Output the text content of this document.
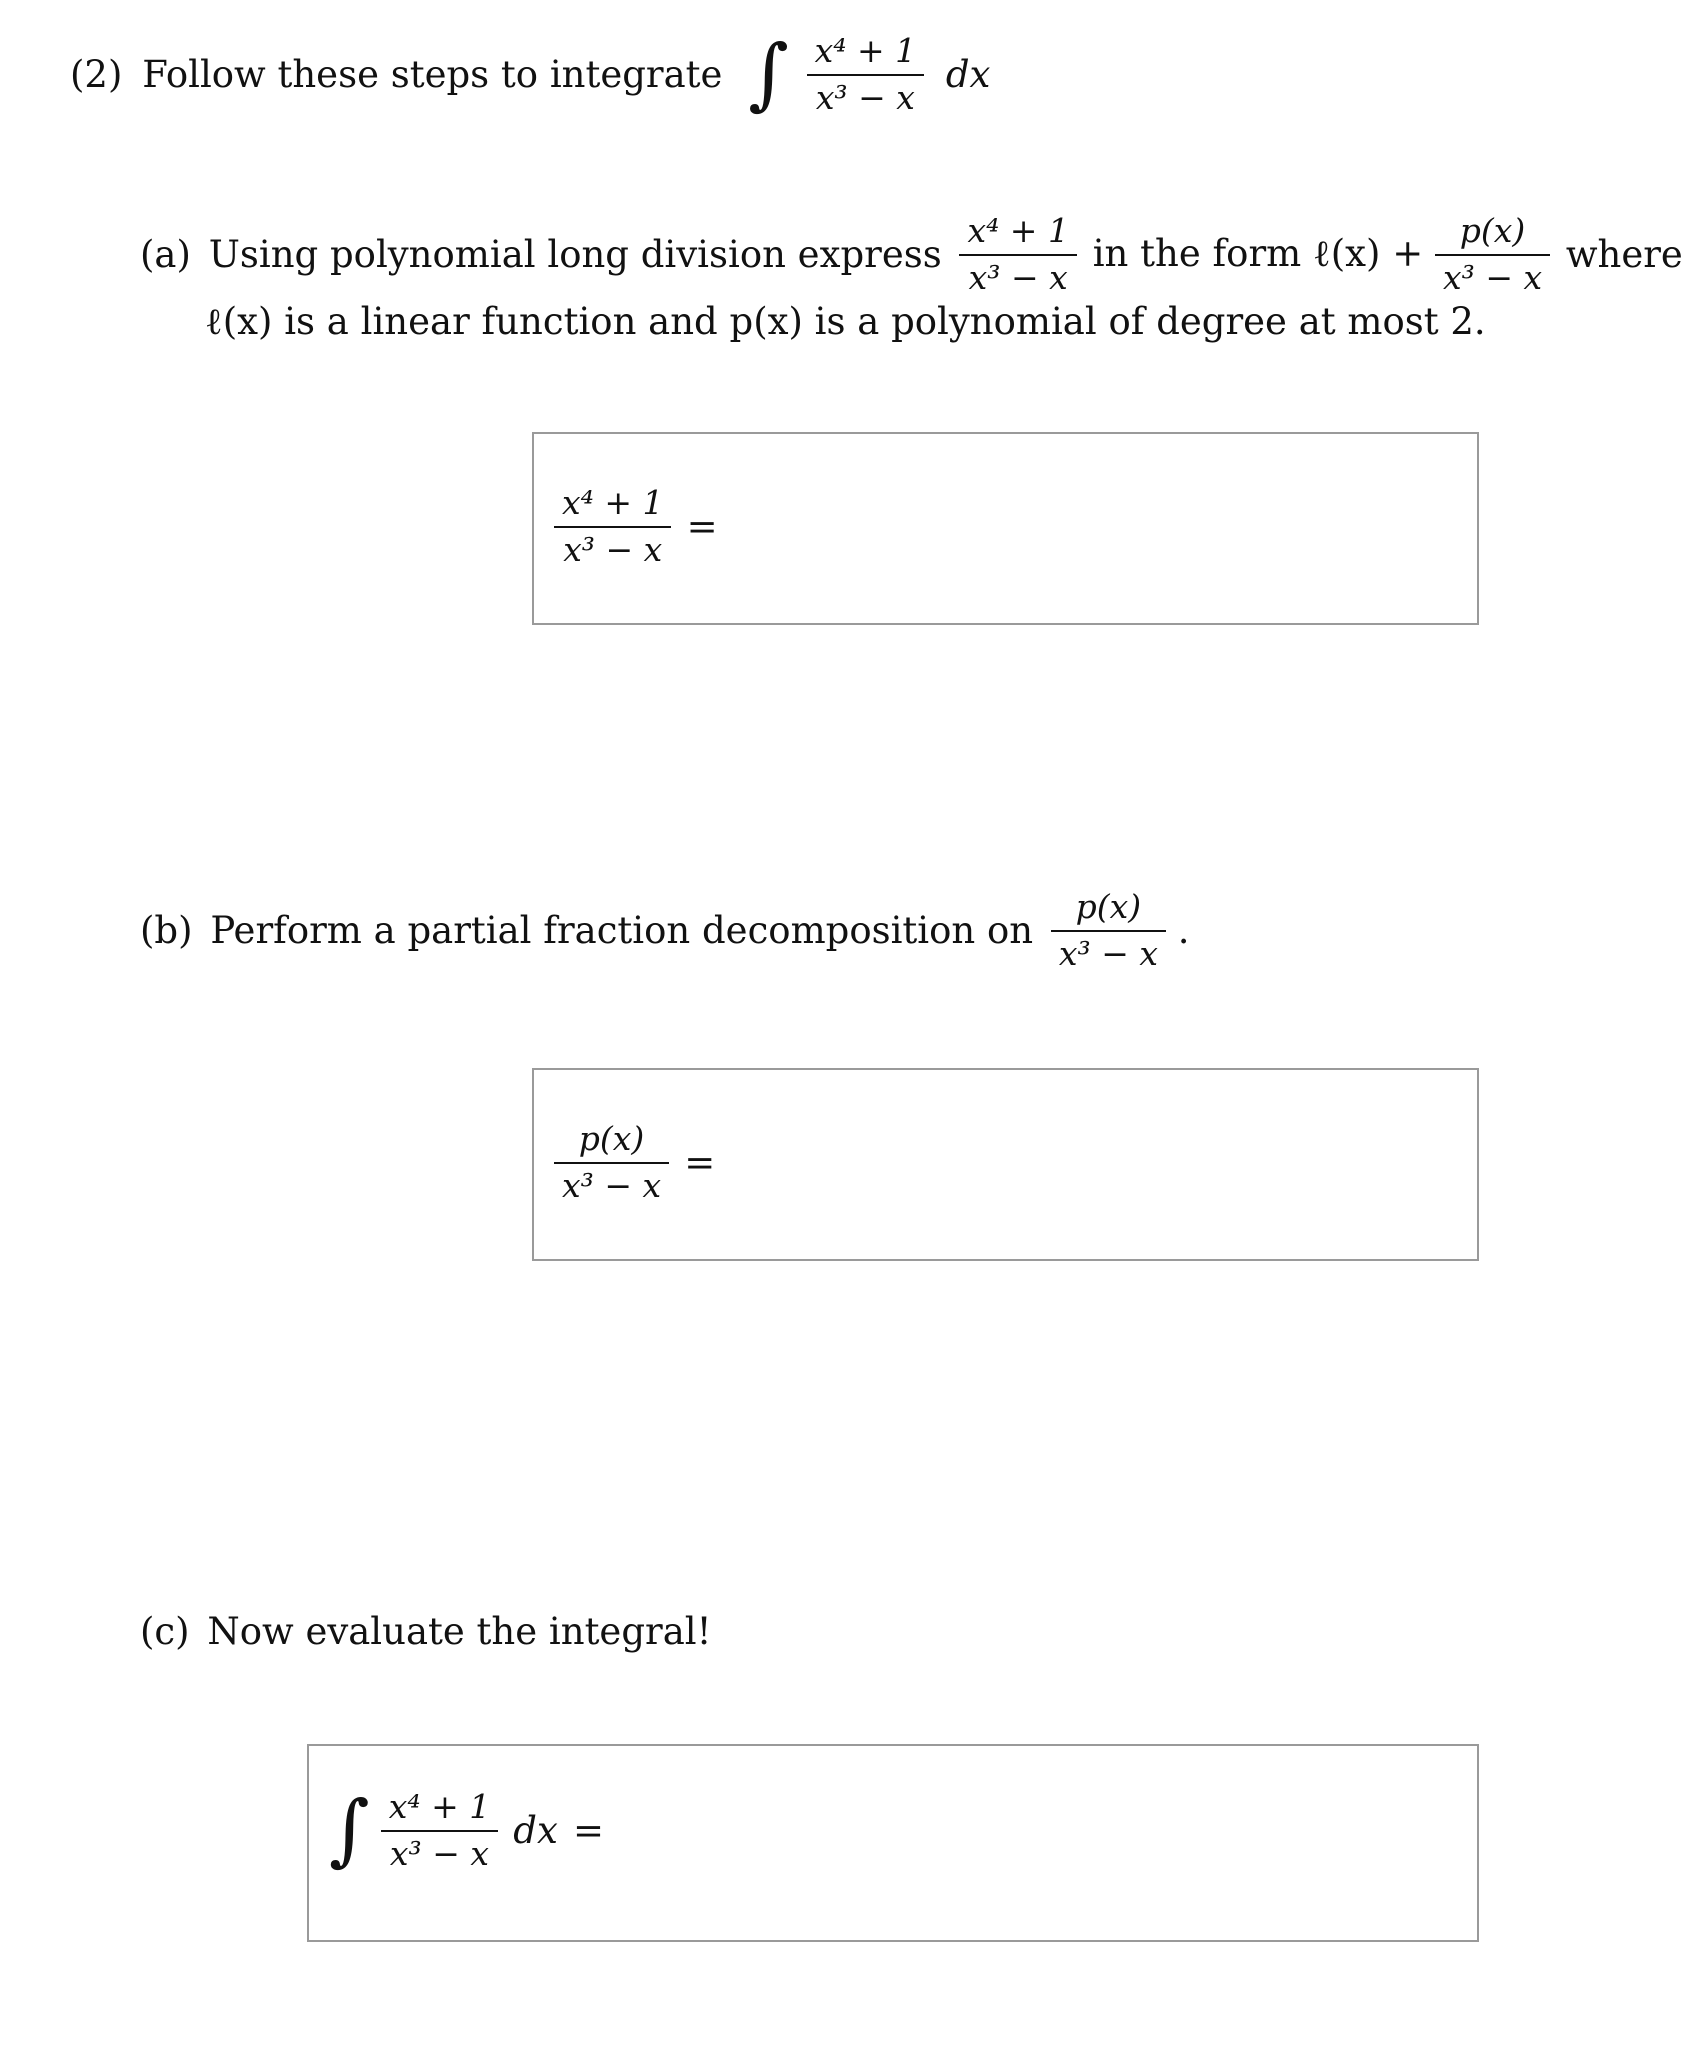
(2) Follow these steps to integrate ∫ $\frac{\text{x⁴ + 1}}{\text{x³ − x}}$ dx
(a) Using polynomial long division express $\frac{\text{x⁴ + 1}}{\text{x³ − x}}$ in the form ℓ(x) + $\frac{p(x)}{\text{x³ − x}}$ where
ℓ(x) is a linear function and p(x) is a polynomial of degree at most 2.
$\frac{\text{x⁴ + 1}}{\text{x³ − x}}$ =
(b) Perform a partial fraction decomposition on $\frac{p(x)}{\text{x³ − x}}$ .
$\frac{p(x)}{\text{x³ − x}}$ =
(c) Now evaluate the integral!
∫ $\frac{\text{x⁴ + 1}}{\text{x³ − x}}$ dx =
